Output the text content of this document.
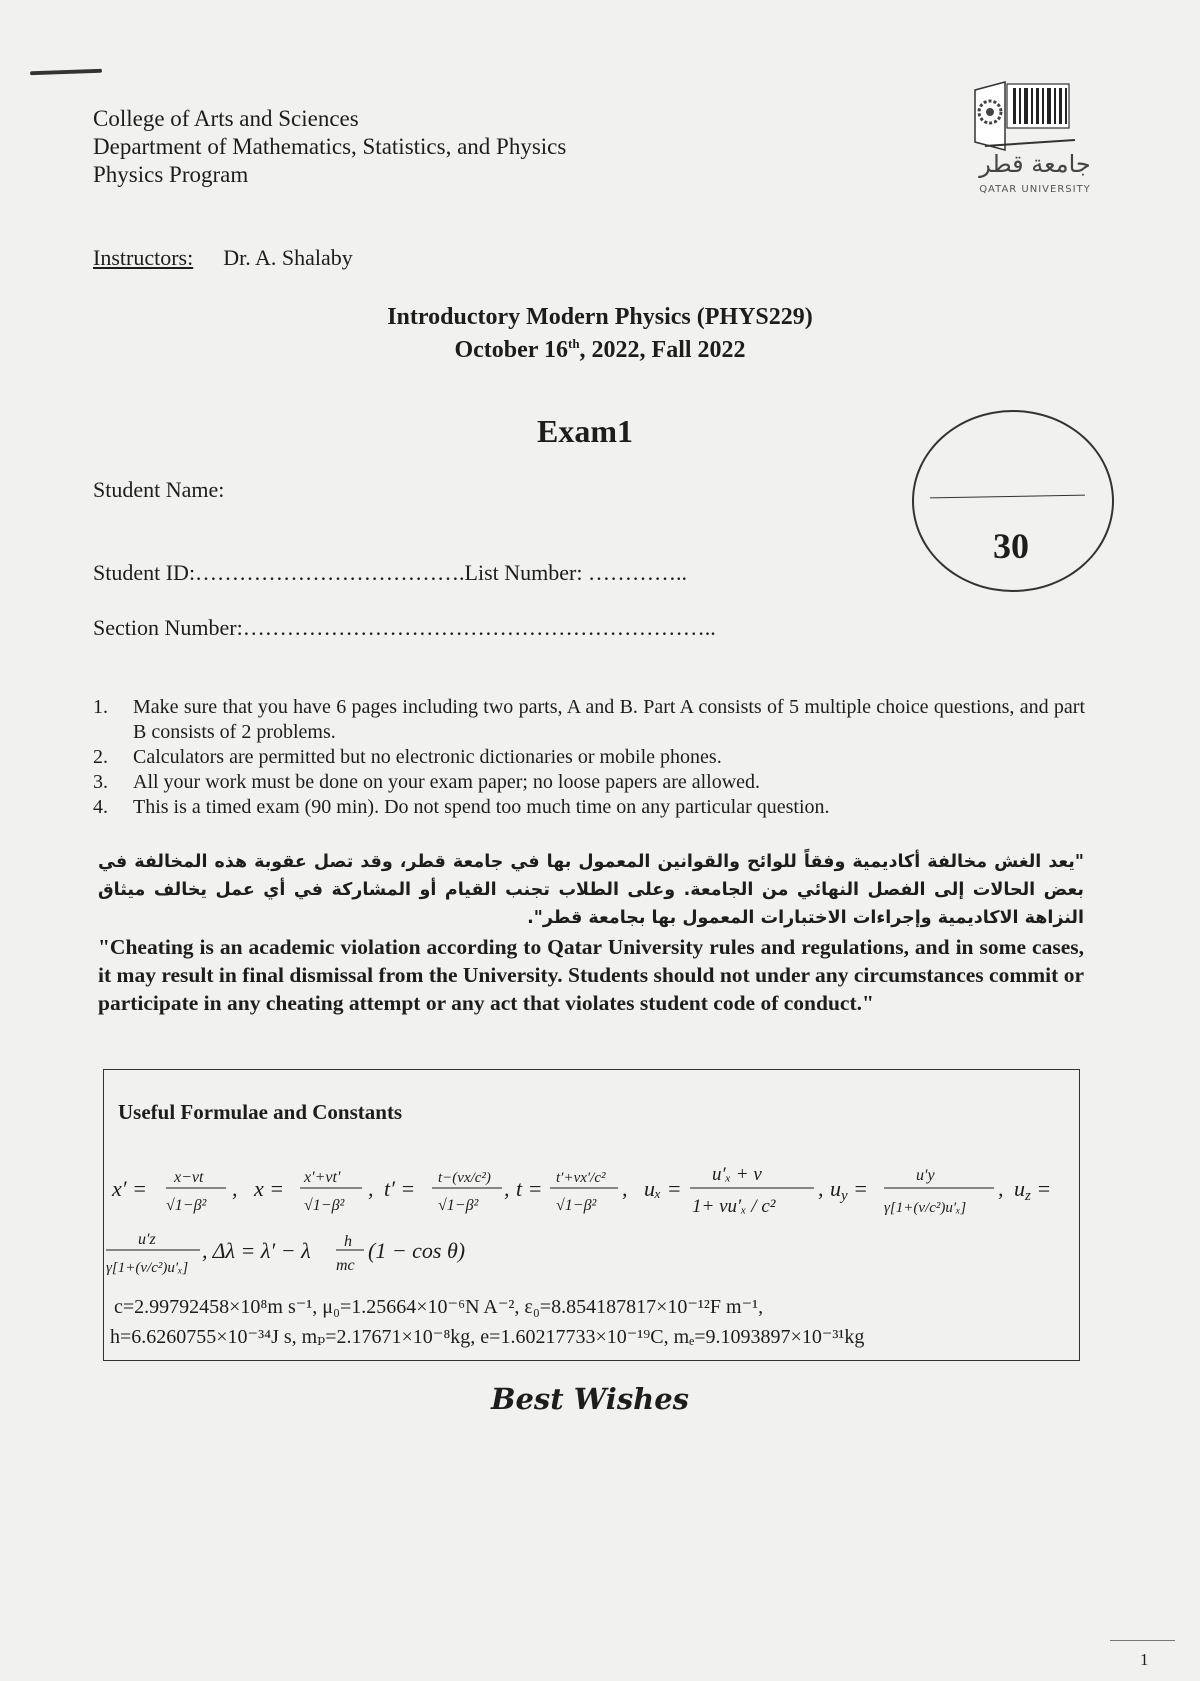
College of Arts and Sciences
Department of Mathematics, Statistics, and Physics
Physics Program	جامعة قطر
QATAR UNIVERSITY
Instructors: Dr. A. Shalaby
Introductory Modern Physics (PHYS229)
October 16th, 2022, Fall 2022
Exam1
30
Student Name:
Student ID:……………………………….List Number: …………..
Section Number:………………………………………………………..
1.	Make sure that you have 6 pages including two parts, A and B. Part A consists of 5 multiple choice questions, and part B consists of 2 problems.
2.	Calculators are permitted but no electronic dictionaries or mobile phones.
3.	All your work must be done on your exam paper; no loose papers are allowed.
4.	This is a timed exam (90 min). Do not spend too much time on any particular question.
"يعد الغش مخالفة أكاديمية وفقاً للوائح والقوانين المعمول بها في جامعة قطر، وقد تصل عقوبة هذه المخالفة في بعض الحالات إلى الفصل النهائي من الجامعة. وعلى الطلاب تجنب القيام أو المشاركة في أي عمل يخالف ميثاق النزاهة الاكاديمية وإجراءات الاختبارات المعمول بها بجامعة قطر".
"Cheating is an academic violation according to Qatar University rules and regulations, and in some cases, it may result in final dismissal from the University. Students should not under any circumstances commit or participate in any cheating attempt or any act that violates student code of conduct."
Useful Formulae and Constants
x′ = x−vt
√1−β²
, x = x′+vt′
√1−β²
, t′ = t−(vx/c²)
√1−β²
, t = t′+vx′/c²
√1−β²
, uₓ =
u′ₓ + v
1+ vu′ₓ / c²
, uy =
u′y
γ[1+(v/c²)u′ₓ]
, uz =
u′z
γ[1+(v/c²)u′ₓ]
, Δλ = λ′ − λ h
mc
(1 − cos θ)
c=2.99792458×10⁸m s⁻¹, μ₀=1.25664×10⁻⁶N A⁻², ε₀=8.854187817×10⁻¹²F m⁻¹,
h=6.6260755×10⁻³⁴J s, mₚ=2.17671×10⁻⁸kg, e=1.60217733×10⁻¹⁹C, mₑ=9.1093897×10⁻³¹kg
Best Wishes
1
